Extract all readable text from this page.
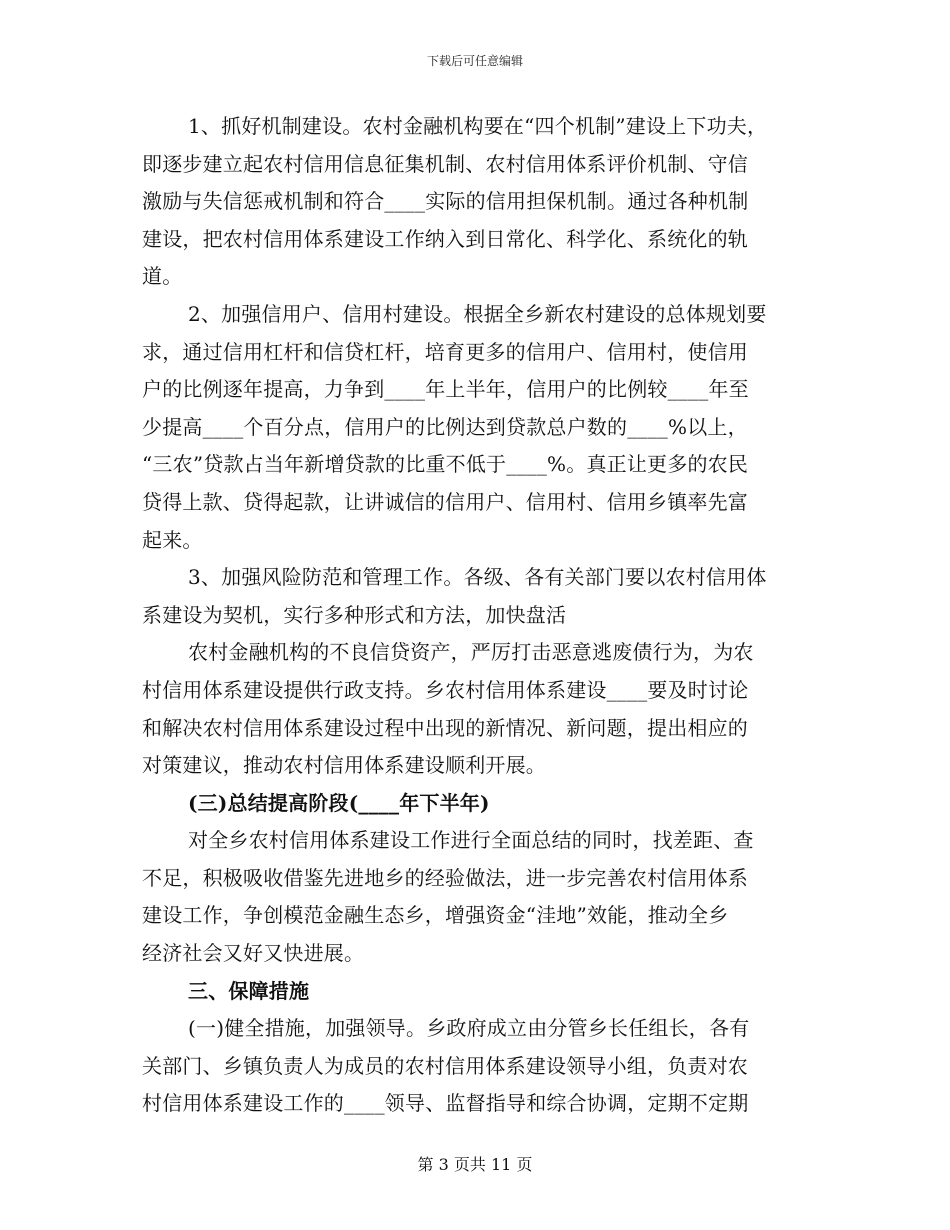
下载后可任意编辑
1、抓好机制建设。农村金融机构要在“四个机制”建设上下功夫，
即逐步建立起农村信用信息征集机制、农村信用体系评价机制、守信
激励与失信惩戒机制和符合____实际的信用担保机制。通过各种机制
建设，把农村信用体系建设工作纳入到日常化、科学化、系统化的轨
道。
2、加强信用户、信用村建设。根据全乡新农村建设的总体规划要
求，通过信用杠杆和信贷杠杆，培育更多的信用户、信用村，使信用
户的比例逐年提高，力争到____年上半年，信用户的比例较____年至
少提高____个百分点，信用户的比例达到贷款总户数的____%以上，
“三农”贷款占当年新增贷款的比重不低于____%。真正让更多的农民
贷得上款、贷得起款，让讲诚信的信用户、信用村、信用乡镇率先富
起来。
3、加强风险防范和管理工作。各级、各有关部门要以农村信用体
系建设为契机，实行多种形式和方法，加快盘活
农村金融机构的不良信贷资产，严厉打击恶意逃废债行为，为农
村信用体系建设提供行政支持。乡农村信用体系建设____要及时讨论
和解决农村信用体系建设过程中出现的新情况、新问题，提出相应的
对策建议，推动农村信用体系建设顺利开展。
(三)总结提高阶段(____年下半年)
对全乡农村信用体系建设工作进行全面总结的同时，找差距、查
不足，积极吸收借鉴先进地乡的经验做法，进一步完善农村信用体系
建设工作，争创模范金融生态乡，增强资金“洼地”效能，推动全乡
经济社会又好又快进展。
三、保障措施
(一)健全措施，加强领导。乡政府成立由分管乡长任组长，各有
关部门、乡镇负责人为成员的农村信用体系建设领导小组，负责对农
村信用体系建设工作的____领导、监督指导和综合协调，定期不定期
第 3 页共 11 页
